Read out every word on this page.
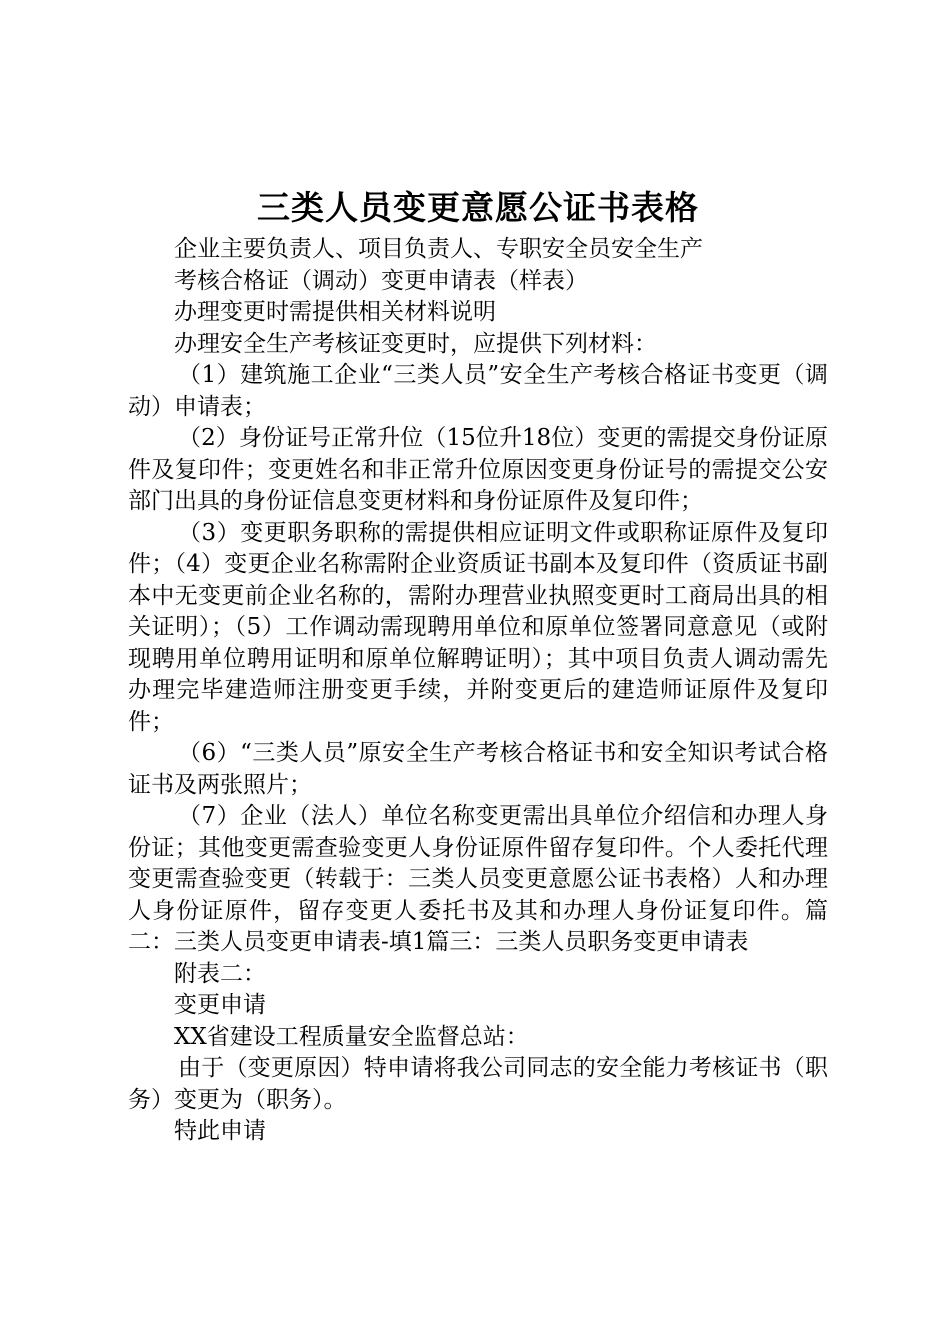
三类人员变更意愿公证书表格

企业主要负责人、项目负责人、专职安全员安全生产

考核合格证（调动）变更申请表（样表）

办理变更时需提供相关材料说明

办理安全生产考核证变更时，应提供下列材料：

（1）建筑施工企业“三类人员”安全生产考核合格证书变更（调动）申请表；

（2）身份证号正常升位（15位升18位）变更的需提交身份证原件及复印件；变更姓名和非正常升位原因变更身份证号的需提交公安部门出具的身份证信息变更材料和身份证原件及复印件；

（3）变更职务职称的需提供相应证明文件或职称证原件及复印件；（4）变更企业名称需附企业资质证书副本及复印件（资质证书副本中无变更前企业名称的，需附办理营业执照变更时工商局出具的相关证明）；（5）工作调动需现聘用单位和原单位签署同意意见（或附现聘用单位聘用证明和原单位解聘证明）；其中项目负责人调动需先办理完毕建造师注册变更手续，并附变更后的建造师证原件及复印件；

（6）“三类人员”原安全生产考核合格证书和安全知识考试合格证书及两张照片；

（7）企业（法人）单位名称变更需出具单位介绍信和办理人身份证；其他变更需查验变更人身份证原件留存复印件。个人委托代理变更需查验变更（转载于：三类人员变更意愿公证书表格）人和办理人身份证原件，留存变更人委托书及其和办理人身份证复印件。篇二：三类人员变更申请表-填1篇三：三类人员职务变更申请表

附表二：

变更申请

XX省建设工程质量安全监督总站：

由于（变更原因）特申请将我公司同志的安全能力考核证书（职务）变更为（职务）。

特此申请
